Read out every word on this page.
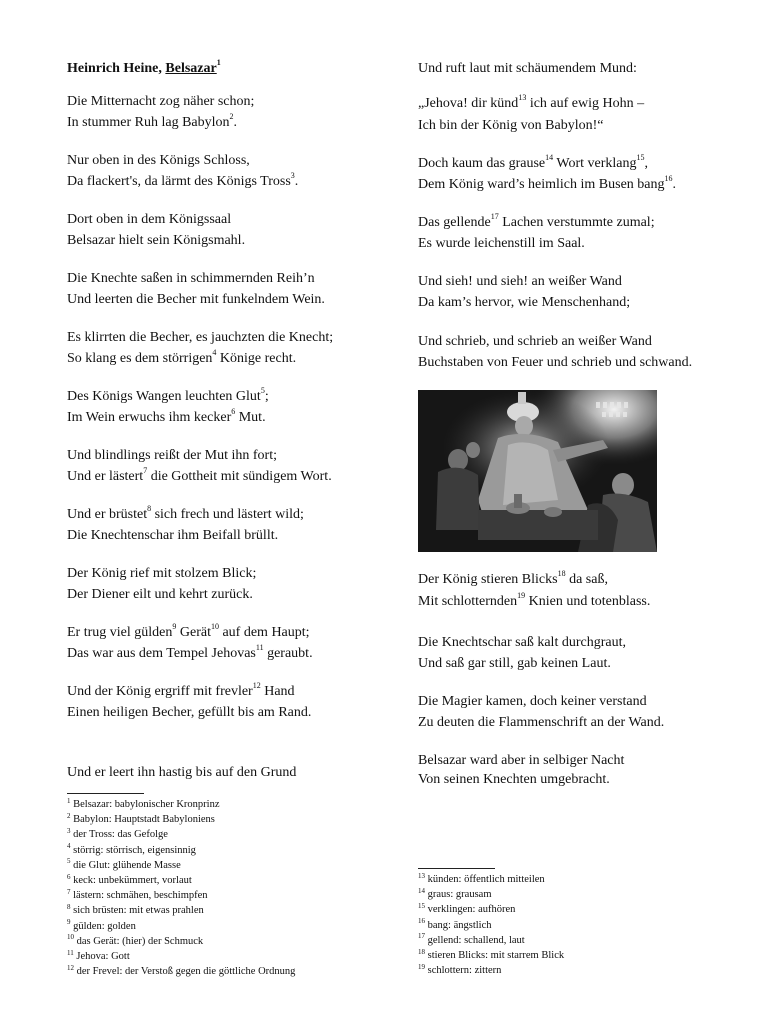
Heinrich Heine, Belsazar$^1$
Die Mitternacht zog näher schon;
In stummer Ruh lag Babylon$^2$.
Nur oben in des Königs Schloss,
Da flackert's, da lärmt des Königs Tross$^3$.
Dort oben in dem Königssaal
Belsazar hielt sein Königsmahl.
Die Knechte saßen in schimmernden Reih’n
Und leerten die Becher mit funkelndem Wein.
Es klirrten die Becher, es jauchzten die Knecht;
So klang es dem störrigen$^4$ Könige recht.
Des Königs Wangen leuchten Glut$^5$;
Im Wein erwuchs ihm kecker$^6$ Mut.
Und blindlings reißt der Mut ihn fort;
Und er lästert$^7$ die Gottheit mit sündigem Wort.
Und er brüstet$^8$ sich frech und lästert wild;
Die Knechtenschar ihm Beifall brüllt.
Der König rief mit stolzem Blick;
Der Diener eilt und kehrt zurück.
Er trug viel gülden$^9$ Gerät$^{10}$ auf dem Haupt;
Das war aus dem Tempel Jehovas$^{11}$ geraubt.
Und der König ergriff mit frevler$^{12}$ Hand
Einen heiligen Becher, gefüllt bis am Rand.
Und er leert ihn hastig bis auf den Grund
Und ruft laut mit schäumendem Mund:
„Jehova! dir künd$^{13}$ ich auf ewig Hohn –
Ich bin der König von Babylon!“
Doch kaum das grause$^{14}$ Wort verklang$^{15}$,
Dem König ward’s heimlich im Busen bang$^{16}$.
Das gellende$^{17}$ Lachen verstummte zumal;
Es wurde leichenstill im Saal.
Und sieh! und sieh! an weißer Wand
Da kam’s hervor, wie Menschenhand;
Und schrieb, und schrieb an weißer Wand
Buchstaben von Feuer und schrieb und schwand.
Der König stieren Blicks$^{18}$ da saß,
Mit schlotternden$^{19}$ Knien und totenblass.
Die Knechtschar saß kalt durchgraut,
Und saß gar still, gab keinen Laut.
Die Magier kamen, doch keiner verstand
Zu deuten die Flammenschrift an der Wand.
Belsazar ward aber in selbiger Nacht
Von seinen Knechten umgebracht.
$^1$ Belsazar: babylonischer Kronprinz
$^2$ Babylon: Hauptstadt Babyloniens
$^3$ der Tross: das Gefolge
$^4$ störrig: störrisch, eigensinnig
$^5$ die Glut: glühende Masse
$^6$ keck: unbekümmert, vorlaut
$^7$ lästern: schmähen, beschimpfen
$^8$ sich brüsten: mit etwas prahlen
$^9$ gülden: golden
$^{10}$ das Gerät: (hier) der Schmuck
$^{11}$ Jehova: Gott
$^{12}$ der Frevel: der Verstoß gegen die göttliche Ordnung
$^{13}$ künden: öffentlich mitteilen
$^{14}$ graus: grausam
$^{15}$ verklingen: aufhören
$^{16}$ bang: ängstlich
$^{17}$ gellend: schallend, laut
$^{18}$ stieren Blicks: mit starrem Blick
$^{19}$ schlottern: zittern
